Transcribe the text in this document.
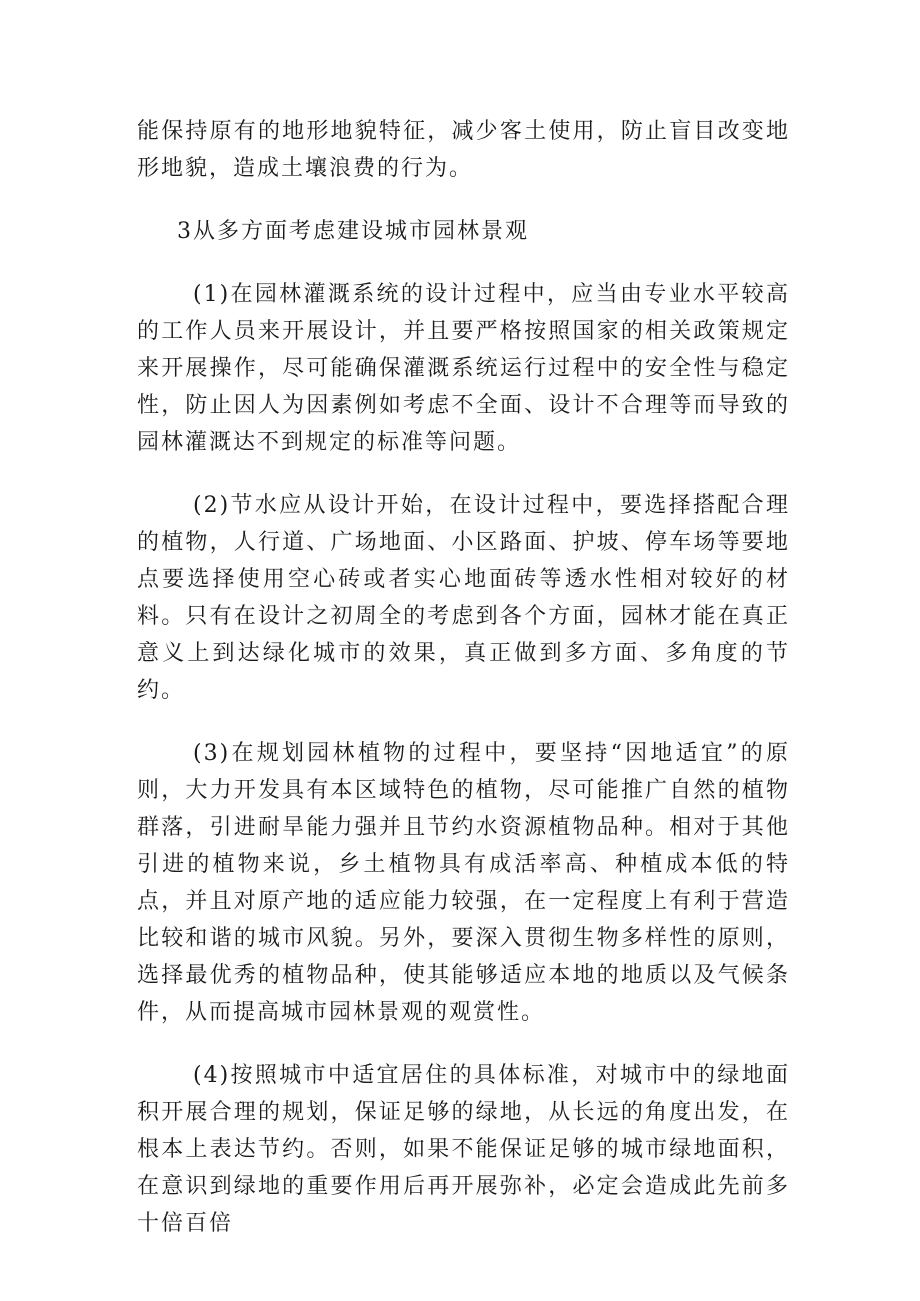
能保持原有的地形地貌特征，减少客土使用，防止盲目改变地形地貌，造成土壤浪费的行为。

3从多方面考虑建设城市园林景观

(1)在园林灌溉系统的设计过程中，应当由专业水平较高的工作人员来开展设计，并且要严格按照国家的相关政策规定来开展操作，尽可能确保灌溉系统运行过程中的安全性与稳定性，防止因人为因素例如考虑不全面、设计不合理等而导致的园林灌溉达不到规定的标准等问题。

(2)节水应从设计开始，在设计过程中，要选择搭配合理的植物，人行道、广场地面、小区路面、护坡、停车场等要地点要选择使用空心砖或者实心地面砖等透水性相对较好的材料。只有在设计之初周全的考虑到各个方面，园林才能在真正意义上到达绿化城市的效果，真正做到多方面、多角度的节约。

(3)在规划园林植物的过程中，要坚持“因地适宜”的原则，大力开发具有本区域特色的植物，尽可能推广自然的植物群落，引进耐旱能力强并且节约水资源植物品种。相对于其他引进的植物来说，乡土植物具有成活率高、种植成本低的特点，并且对原产地的适应能力较强，在一定程度上有利于营造比较和谐的城市风貌。另外，要深入贯彻生物多样性的原则，选择最优秀的植物品种，使其能够适应本地的地质以及气候条件，从而提高城市园林景观的观赏性。

(4)按照城市中适宜居住的具体标准，对城市中的绿地面积开展合理的规划，保证足够的绿地，从长远的角度出发，在根本上表达节约。否则，如果不能保证足够的城市绿地面积，在意识到绿地的重要作用后再开展弥补，必定会造成此先前多十倍百倍
